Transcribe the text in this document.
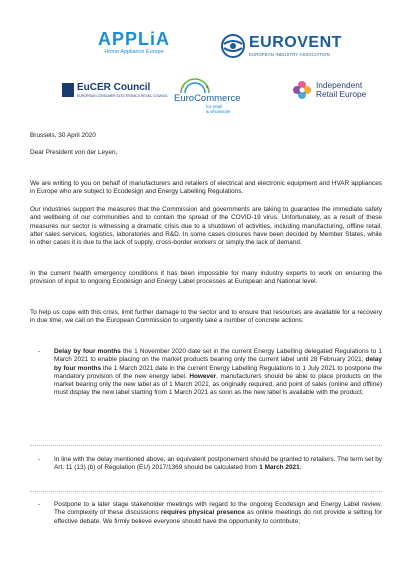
APPLiA
Home Appliance Europe
EUROVENT
EUROPEAN INDUSTRY ASSOCIATION
EuCER Council
EUROPEAN CONSUMER ELECTRONICS RETAIL COUNCIL EuroCommerce
for retail
& wholesale
Independent
Retail Europe

Brussels, 30 April 2020

Dear President von der Leyen,

We are writing to you on behalf of manufacturers and retailers of electrical and electronic equipment and HVAR appliances in Europe who are subject to Ecodesign and Energy Labelling Regulations.

Our industries support the measures that the Commission and governments are taking to guarantee the immediate safety and wellbeing of our communities and to contain the spread of the COVID-19 virus. Unfortunately, as a result of these measures our sector is witnessing a dramatic crisis due to a shutdown of activities, including manufacturing, offline retail, after sales services, logistics, laboratories and R&D. In some cases closures have been decided by Member States, while in other cases it is due to the lack of supply, cross-border workers or simply the lack of demand.

In the current health emergency conditions it has been impossible for many industry experts to work on ensuring the provision of input to ongoing Ecodesign and Energy Label processes at European and National level.

To help us cope with this crisis, limit further damage to the sector and to ensure that resources are available for a recovery in due time, we call on the European Commission to urgently take a number of concrete actions:

- Delay by four months the 1 November 2020 date set in the current Energy Labelling delegated Regulations to 1 March 2021 to enable placing on the market products bearing only the current label until 28 February 2021; delay by four months the 1 March 2021 date in the current Energy Labelling Regulations to 1 July 2021 to postpone the mandatory provision of the new energy label. However, manufacturers should be able to place products on the market bearing only the new label as of 1 March 2021, as originally required, and point of sales (online and offline) must display the new label starting from 1 March 2021 as soon as the new label is available with the product;
- In line with the delay mentioned above, an equivalent postponement should be granted to retailers. The term set by Art. 11 (13) (b) of Regulation (EU) 2017/1369 should be calculated from 1 March 2021;
- Postpone to a later stage stakeholder meetings with regard to the ongoing Ecodesign and Energy Label review. The complexity of these discussions requires physical presence as online meetings do not provide a setting for effective debate. We firmly believe everyone should have the opportunity to contribute;
